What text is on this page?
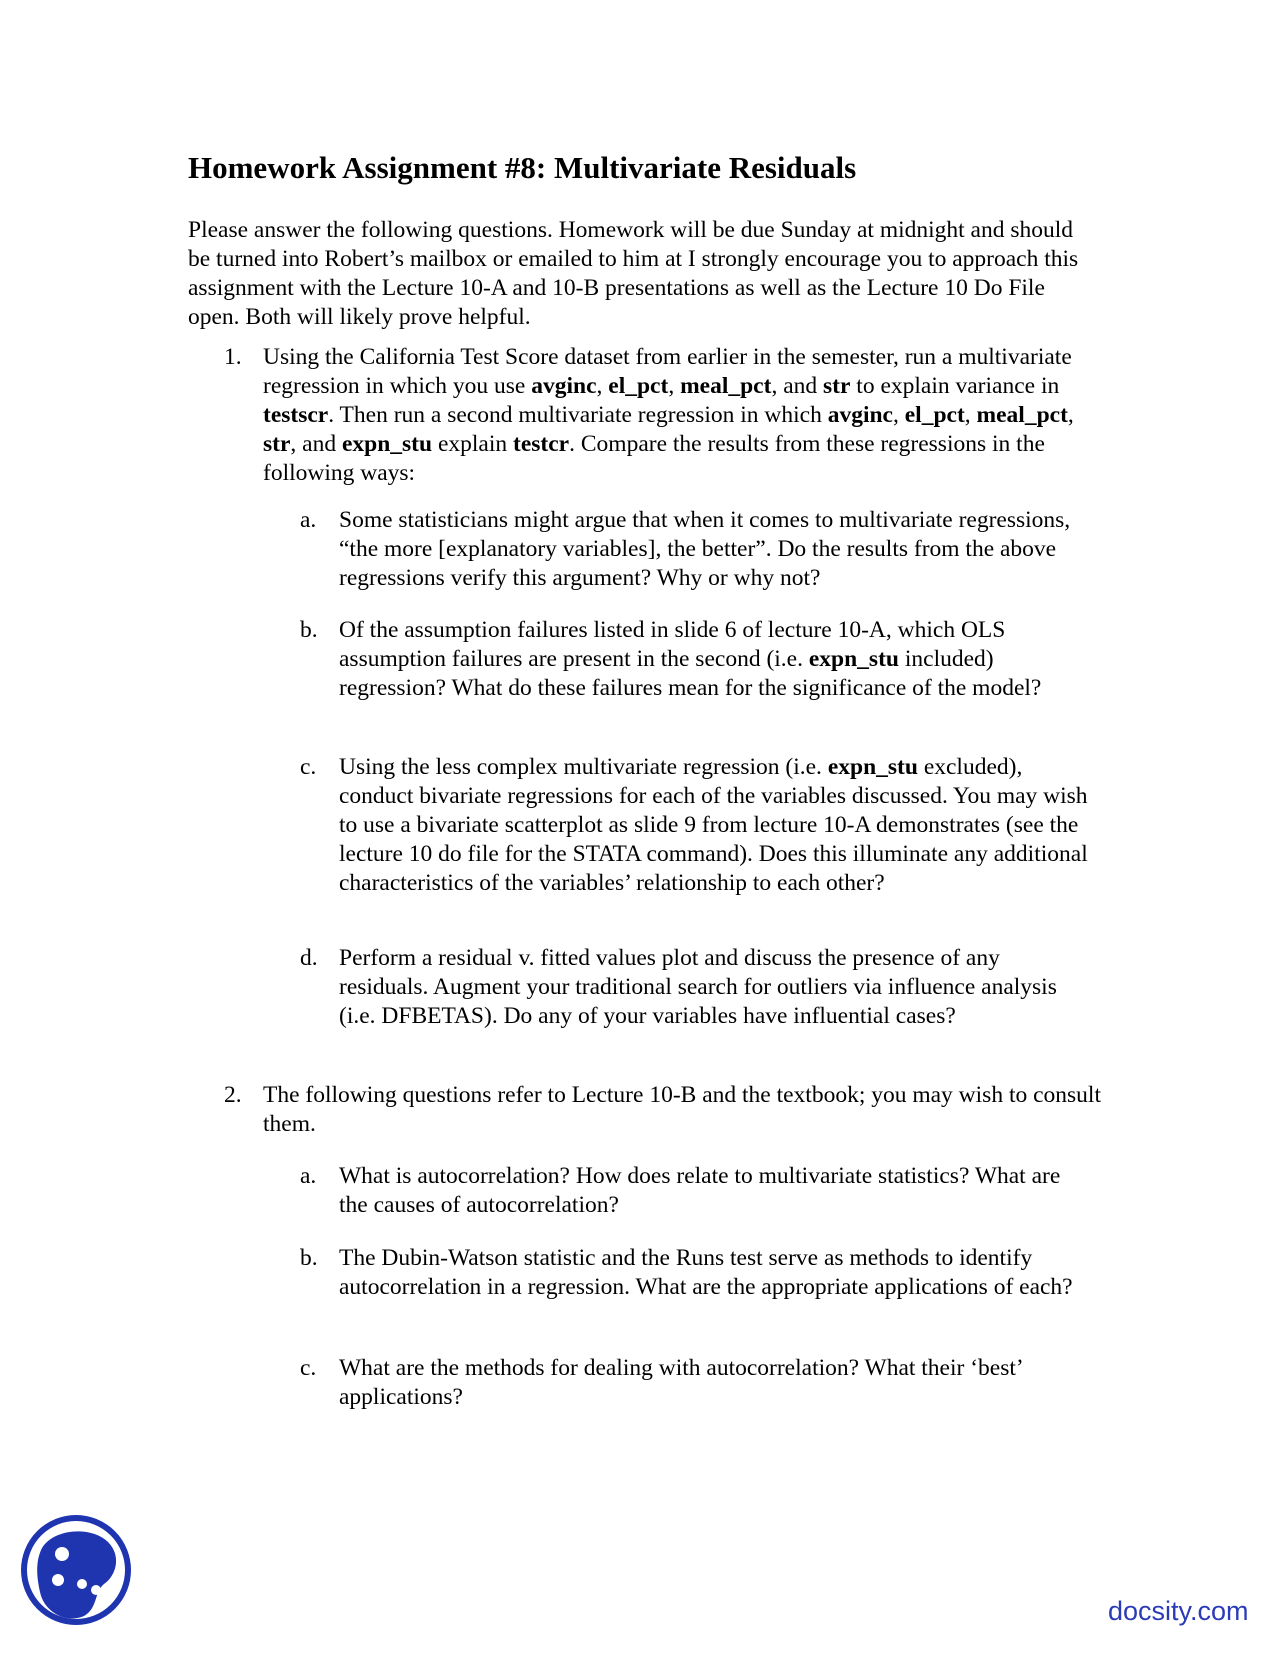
Homework Assignment #8: Multivariate Residuals

Please answer the following questions. Homework will be due Sunday at midnight and should be turned into Robert’s mailbox or emailed to him at I strongly encourage you to approach this assignment with the Lecture 10-A and 10-B presentations as well as the Lecture 10 Do File open. Both will likely prove helpful.

1. Using the California Test Score dataset from earlier in the semester, run a multivariate regression in which you use avginc, el_pct, meal_pct, and str to explain variance in testscr. Then run a second multivariate regression in which avginc, el_pct, meal_pct, str, and expn_stu explain testcr. Compare the results from these regressions in the following ways:
a. Some statisticians might argue that when it comes to multivariate regressions, “the more [explanatory variables], the better”. Do the results from the above regressions verify this argument? Why or why not?
b. Of the assumption failures listed in slide 6 of lecture 10-A, which OLS assumption failures are present in the second (i.e. expn_stu included) regression? What do these failures mean for the significance of the model?
c. Using the less complex multivariate regression (i.e. expn_stu excluded), conduct bivariate regressions for each of the variables discussed. You may wish to use a bivariate scatterplot as slide 9 from lecture 10-A demonstrates (see the lecture 10 do file for the STATA command). Does this illuminate any additional characteristics of the variables’ relationship to each other?
d. Perform a residual v. fitted values plot and discuss the presence of any residuals. Augment your traditional search for outliers via influence analysis (i.e. DFBETAS). Do any of your variables have influential cases?
2. The following questions refer to Lecture 10-B and the textbook; you may wish to consult them.
a. What is autocorrelation? How does relate to multivariate statistics? What are the causes of autocorrelation?
b. The Dubin-Watson statistic and the Runs test serve as methods to identify autocorrelation in a regression. What are the appropriate applications of each?
c. What are the methods for dealing with autocorrelation? What their ‘best’ applications?
docsity.com
